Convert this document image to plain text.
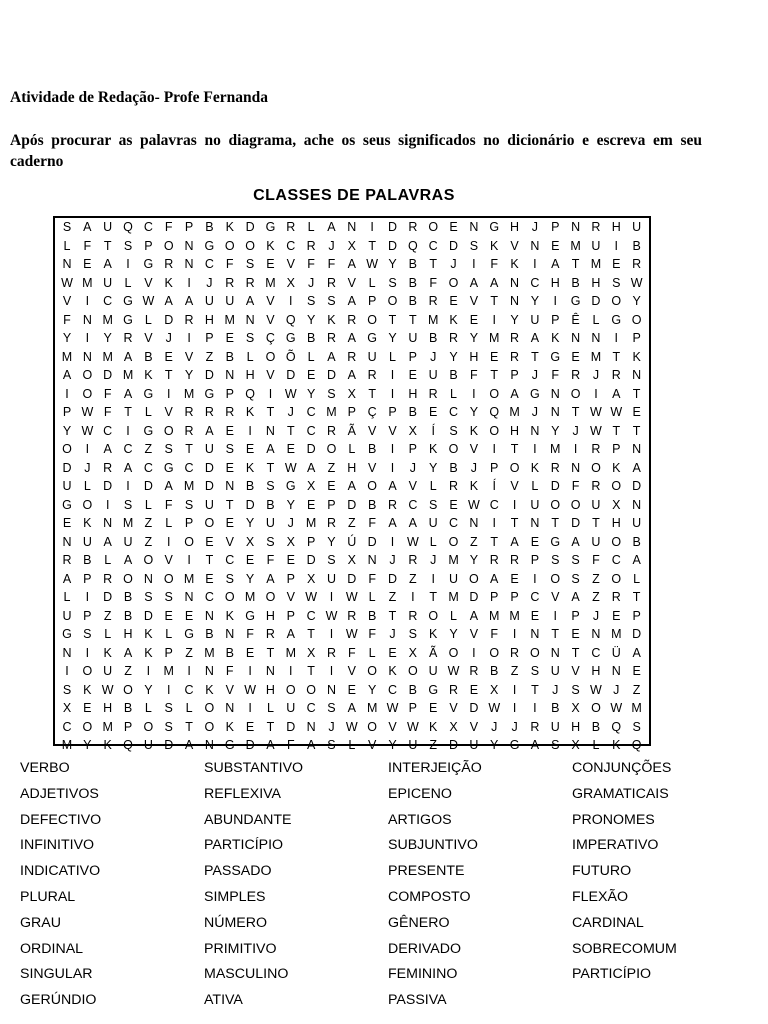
Atividade de Redação- Profe Fernanda
Após procurar as palavras no diagrama, ache os seus significados no dicionário e escreva em seu caderno
CLASSES DE PALAVRAS
S A U Q C F P B K D G R L	A N	I	D R O E N G H	J	P N R H U
L	F	T S P O N G O O K C R	J	X T D Q C D S K V N E M U	I	B
N E A	I	G R N C F S E V F	F A W Y B T	J	I	F K	I	A T M E R
W M U L	V K	I	J	R R M X	J	R V	L	S B F O A A N C H B H S W
V	I	C G W A A U U A V	I	S S A P O B R E V T N Y	I	G D O Y
F N M G L D R H M N V Q Y K R O T	T M K E	I	Y U P Ê	L G O
Y	I	Y R V	J	I	P E S Ç G B R A G Y U B R Y M R A K N N	I	P
M N M A B E V Z B	L O Õ L	A R U L	P	J	Y H E R T G E M T K
A O D M K T Y D N H V D E D A R	I	E U B F	T P	J	F R	J	R N
I	O F A G	I	M G P Q	I	W Y S X T	I	H R L	I	O A G N O	I	A T
P W F	T	L	V R R R K T	J	C M P Ç P B E C Y Q M J	N T W W E
Y W C	I	G O R A E	I	N T C R Ã V V X	Í	S K O H N Y	J W T	T
O	I	A C Z S T U S E A E D O L	B	I	P K O V	I	T	I	M	I	R P N
D	J	R A C G C D E K T W A Z H V	I	J	Y B	J	P O K R N O K A
U L D	I	D A M D N B S G X E A O A V	L R K	Í	V	L D F R O D
G O	I	S	L	F S U T D B Y E P D B R C S E W C	I	U O O U X N
E K N M Z	L	P O E Y U	J M R Z	F A A U C N	I	T N T D T H U
N U A U Z	I	O E V X S X P Y Ú D	I	W L O Z	T A E G A U O B
R B	L	A O V	I	T C E F E D S X N	J	R	J M Y R R P S S F C A
A P R O N O M E S Y A P X U D F D Z	I	U O A E	I	O S Z O L
L	I	D B S S N C O M O V W	I	W L	Z	I	T M D P P C V A Z R T
U P Z B D E E N K G H P C W R B T R O L	A M M E	I	P	J	E P
G S	L H K	L G B N F R A T	I	W F	J	S K Y V F	I	N T E N M D
N	I	K A K P Z M B E T M X R F	L	E X Ã O	I	O R O N T C Ü A
I	O U Z	I	M	I	N F	I	N	I	T	I	V O K O U W R B Z S U V H N E
S K W O Y	I	C K V W H O O N E Y C B G R E X	I	T	J	S W J	Z
X E H B	L	S	L O N	I	L U C S A M W P E V D W	I	I	B X O W M
C O M P O S T O K E T D N	J W O V W K X V	J	J	R U H B Q S
M Y K Q U D A N G D A F A S	L	V Y U Z D U Y G A S X	L	K Q
VERBO	SUBSTANTIVO	INTERJEIÇÃO	CONJUNÇÕES
ADJETIVOS	REFLEXIVA	EPICENO	GRAMATICAIS
DEFECTIVO	ABUNDANTE	ARTIGOS	PRONOMES
INFINITIVO	PARTICÍPIO	SUBJUNTIVO	IMPERATIVO
INDICATIVO	PASSADO	PRESENTE	FUTURO
PLURAL	SIMPLES	COMPOSTO	FLEXÃO
GRAU	NÚMERO	GÊNERO	CARDINAL
ORDINAL	PRIMITIVO	DERIVADO	SOBRECOMUM
SINGULAR	MASCULINO	FEMININO	PARTICÍPIO
GERÚNDIO	ATIVA	PASSIVA
